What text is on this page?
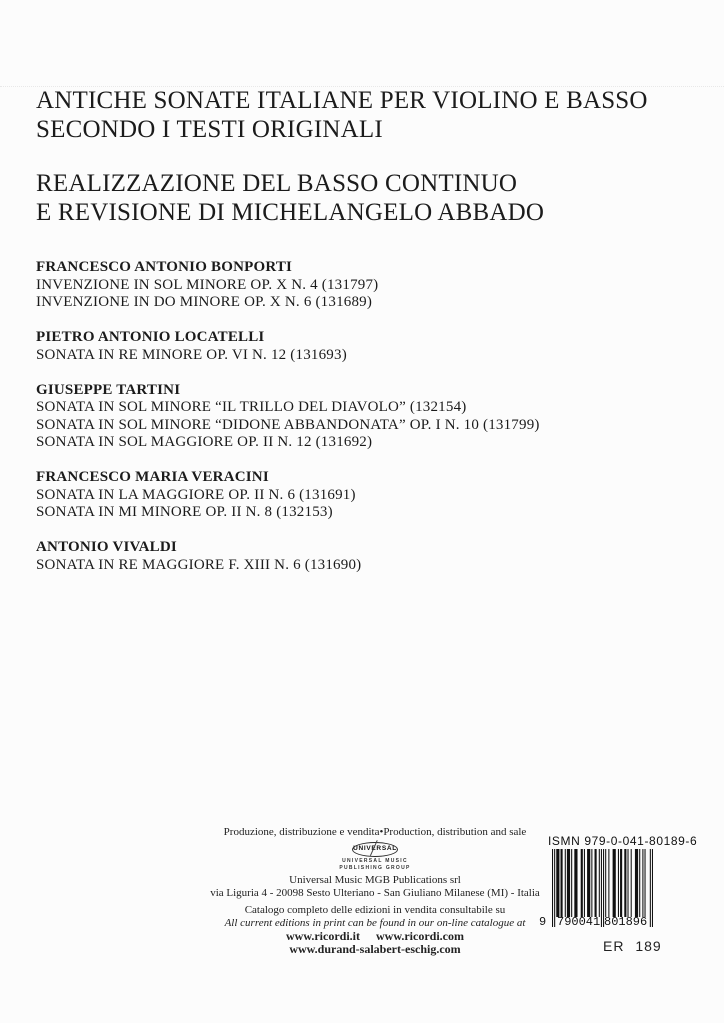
ANTICHE SONATE ITALIANE PER VIOLINO E BASSO
SECONDO I TESTI ORIGINALI
REALIZZAZIONE DEL BASSO CONTINUO
E REVISIONE DI MICHELANGELO ABBADO
FRANCESCO ANTONIO BONPORTI
INVENZIONE IN SOL MINORE OP. X N. 4 (131797)
INVENZIONE IN DO MINORE OP. X N. 6 (131689)
PIETRO ANTONIO LOCATELLI
SONATA IN RE MINORE OP. VI N. 12 (131693)
GIUSEPPE TARTINI
SONATA IN SOL MINORE “IL TRILLO DEL DIAVOLO” (132154)
SONATA IN SOL MINORE “DIDONE ABBANDONATA” OP. I N. 10 (131799)
SONATA IN SOL MAGGIORE OP. II N. 12 (131692)
FRANCESCO MARIA VERACINI
SONATA IN LA MAGGIORE OP. II N. 6 (131691)
SONATA IN MI MINORE OP. II N. 8 (132153)
ANTONIO VIVALDI
SONATA IN RE MAGGIORE F. XIII N. 6 (131690)
Produzione, distribuzione e vendita•Production, distribution and sale
UNIVERSAL
UNIVERSAL MUSIC
PUBLISHING GROUP
Universal Music MGB Publications srl
via Liguria 4 - 20098 Sesto Ulteriano - San Giuliano Milanese (MI) - Italia
Catalogo completo delle edizioni in vendita consultabile su
All current editions in print can be found in our on-line catalogue at
www.ricordi.it www.ricordi.com
www.durand-salabert-eschig.com
ISMN 979-0-041-80189-6
9 790041 801896
ER 189
